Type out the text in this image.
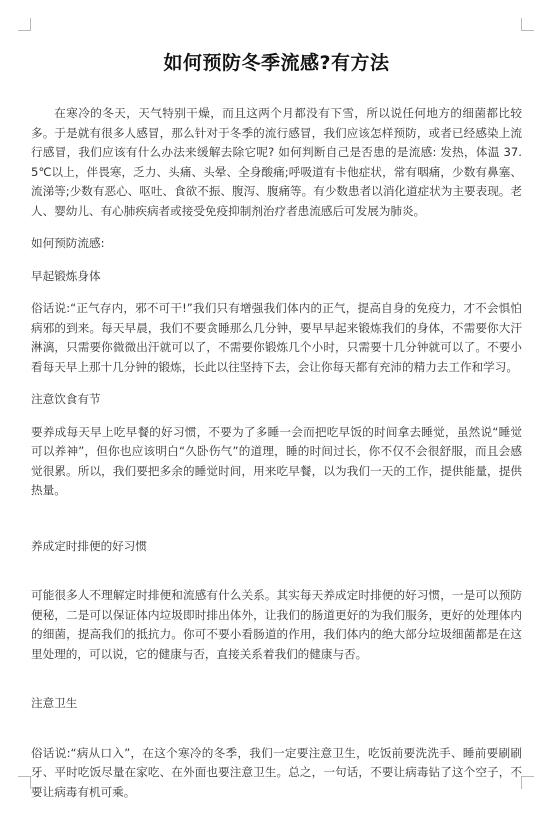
如何预防冬季流感?有方法

在寒冷的冬天，天气特别干燥，而且这两个月都没有下雪，所以说任何地方的细菌都比较多。于是就有很多人感冒，那么针对于冬季的流行感冒，我们应该怎样预防，或者已经感染上流行感冒，我们应该有什么办法来缓解去除它呢? 如何判断自己是否患的是流感: 发热，体温 37.5℃以上，伴畏寒，乏力、头痛、头晕、全身酸痛;呼吸道有卡他症状，常有咽痛，少数有鼻塞、流涕等;少数有恶心、呕吐、食欲不振、腹泻、腹痛等。有少数患者以消化道症状为主要表现。老人、婴幼儿、有心肺疾病者或接受免疫抑制剂治疗者患流感后可发展为肺炎。

如何预防流感:

早起锻炼身体

俗话说:“正气存内，邪不可干!”我们只有增强我们体内的正气，提高自身的免疫力，才不会惧怕病邪的到来。每天早晨，我们不要贪睡那么几分钟，要早早起来锻炼我们的身体，不需要你大汗淋漓，只需要你微微出汗就可以了，不需要你锻炼几个小时，只需要十几分钟就可以了。不要小看每天早上那十几分钟的锻炼，长此以往坚持下去，会让你每天都有充沛的精力去工作和学习。

注意饮食有节

要养成每天早上吃早餐的好习惯，不要为了多睡一会而把吃早饭的时间拿去睡觉，虽然说“睡觉可以养神”，但你也应该明白“久卧伤气”的道理，睡的时间过长，你不仅不会很舒服，而且会感觉很累。所以，我们要把多余的睡觉时间，用来吃早餐，以为我们一天的工作，提供能量，提供热量。

养成定时排便的好习惯

可能很多人不理解定时排便和流感有什么关系。其实每天养成定时排便的好习惯，一是可以预防便秘，二是可以保证体内垃圾即时排出体外，让我们的肠道更好的为我们服务，更好的处理体内的细菌，提高我们的抵抗力。你可不要小看肠道的作用，我们体内的绝大部分垃圾细菌都是在这里处理的，可以说，它的健康与否，直接关系着我们的健康与否。

注意卫生

俗话说:“病从口入”，在这个寒冷的冬季，我们一定要注意卫生，吃饭前要洗洗手、睡前要刷刷牙、平时吃饭尽量在家吃、在外面也要注意卫生。总之，一句话，不要让病毒钻了这个空子，不要让病毒有机可乘。
